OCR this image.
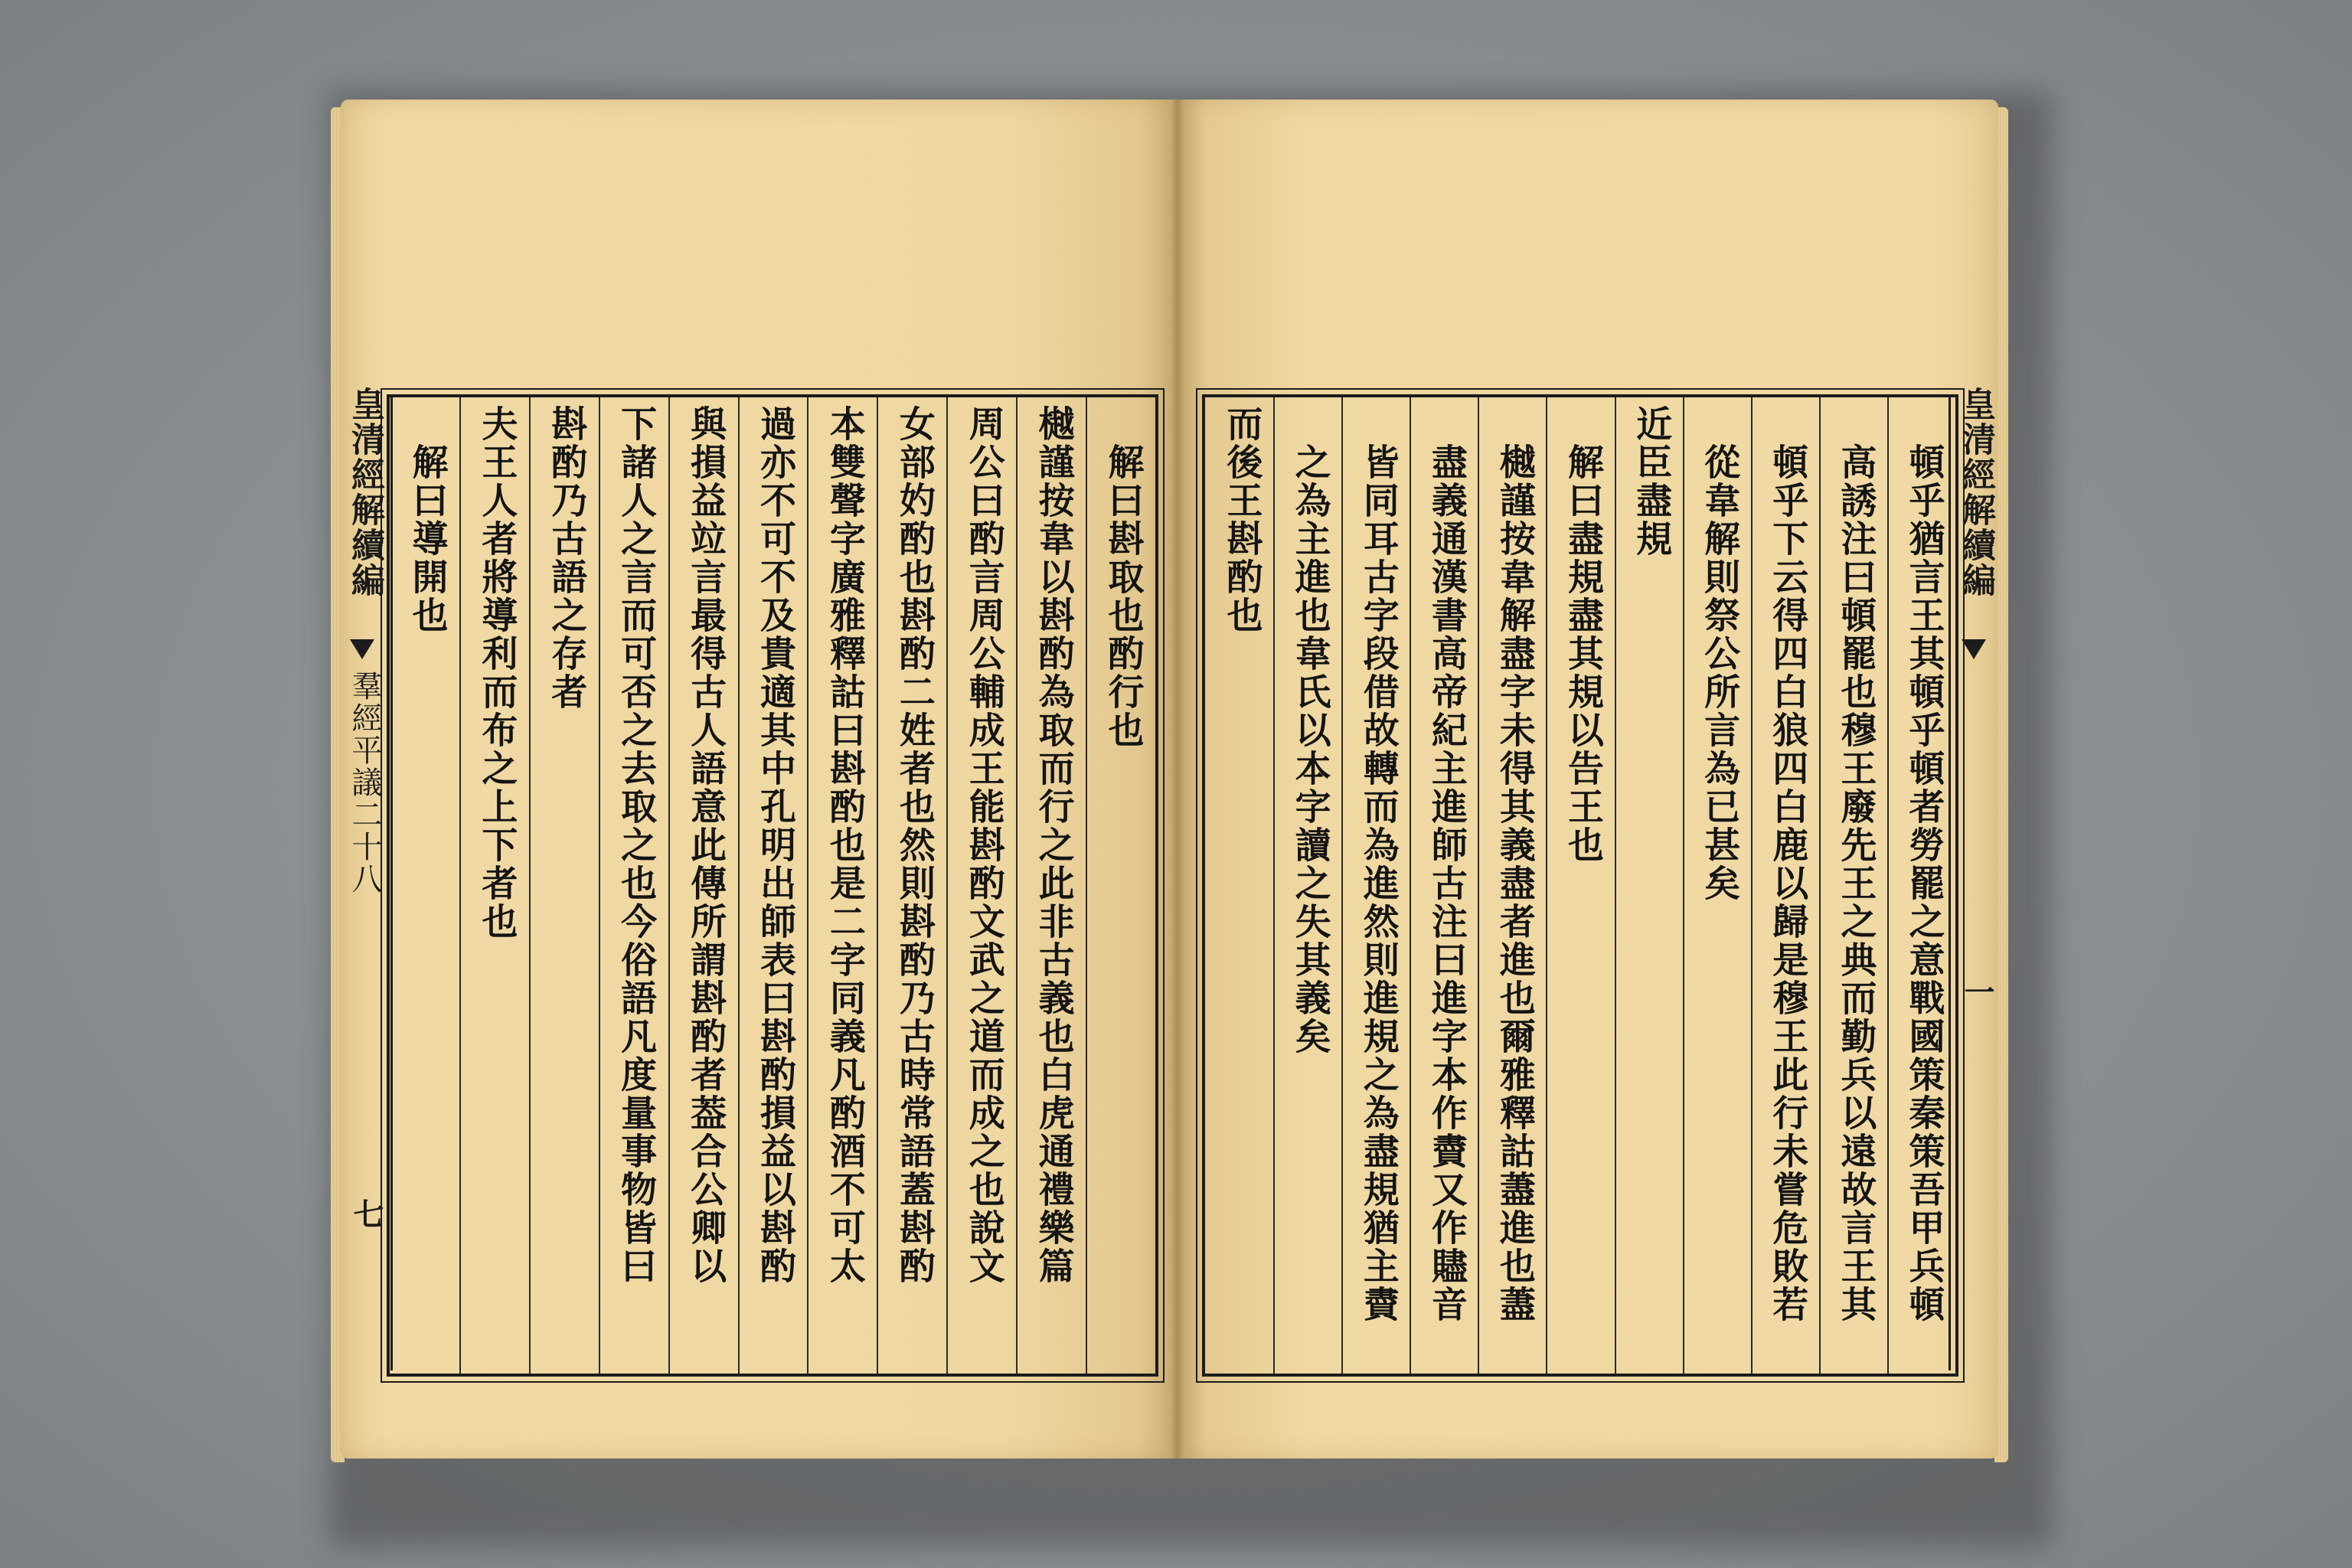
解曰斟取也酌行也
樾謹按韋以斟酌為取而行之此非古義也白虎通禮樂篇
周公曰酌言周公輔成王能斟酌文武之道而成之也說文
女部妁酌也斟酌二姓者也然則斟酌乃古時常語蓋斟酌
本雙聲字廣雅釋詁曰斟酌也是二字同義凡酌酒不可太
過亦不可不及貴適其中孔明出師表曰斟酌損益以斟酌
與損益竝言最得古人語意此傳所謂斟酌者葢合公卿以
下諸人之言而可否之去取之也今俗語凡度量事物皆曰
斟酌乃古語之存者
夫王人者將導利而布之上下者也
解曰導開也
皇清經解續編
羣經平議二十八
七	頓乎猶言王其頓乎頓者勞罷之意戰國策秦策吾甲兵頓
高誘注曰頓罷也穆王廢先王之典而勤兵以遠故言王其
頓乎下云得四白狼四白鹿以歸是穆王此行未嘗危敗若
從韋解則祭公所言為已甚矣
近臣盡規
解曰盡規盡其規以告王也
樾謹按韋解盡字未得其義盡者進也爾雅釋詁藎進也藎
盡義通漢書高帝紀主進師古注曰進字本作賮又作贐音
皆同耳古字段借故轉而為進然則進規之為盡規猶主賮
之為主進也韋氏以本字讀之失其義矣
而後王斟酌也	皇清經解續編
一
